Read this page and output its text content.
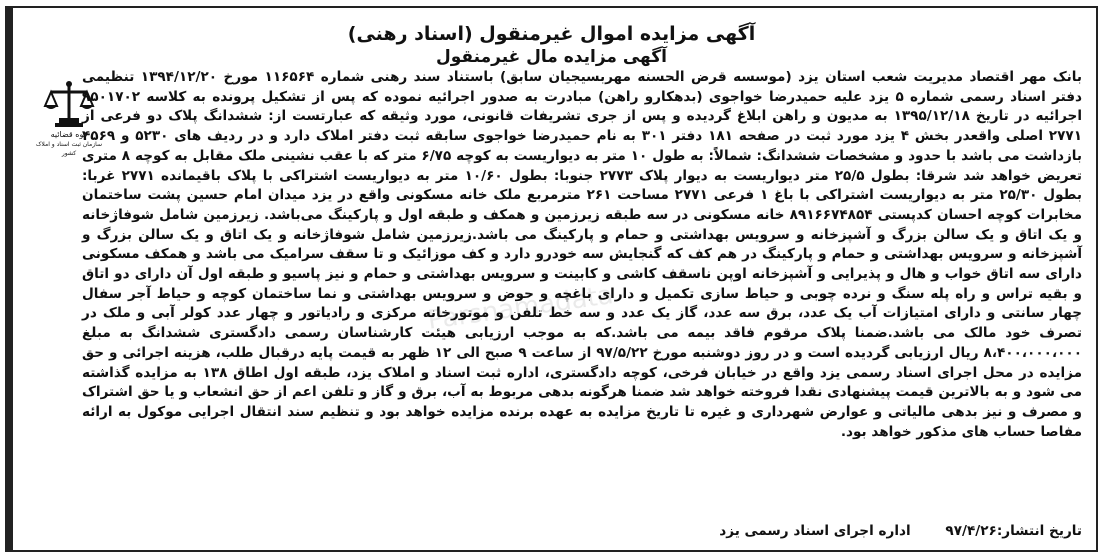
آگهی مزایده اموال غیرمنقول (اسناد رهنی)
آگهی مزایده مال غیرمنقول
قوه قضائیه
سازمان ثبت اسناد و املاک کشور

بانک مهر اقتصاد مدیریت شعب استان یزد (موسسه قرض الحسنه مهربسیجیان سابق) باستناد سند رهنی شماره ۱۱۶۵۶۴ مورخ ۱۳۹۴/۱۲/۲۰ تنظیمی دفتر اسناد رسمی شماره ۵ یزد علیه حمیدرضا خواجوی (بدهکارو راهن) مبادرت به صدور اجرائیه نموده که پس از تشکیل پرونده به کلاسه ۹۵۰۱۷۰۲ اجرائیه در تاریخ ۱۳۹۵/۱۲/۱۸ به مدیون و راهن ابلاغ گردیده و پس از جری تشریفات قانونی، مورد وثیقه که عبارتست از: ششدانگ پلاک دو فرعی از ۲۷۷۱ اصلی واقعدر بخش ۴ یزد مورد ثبت در صفحه ۱۸۱ دفتر ۳۰۱ به نام حمیدرضا خواجوی سابقه ثبت دفتر املاک دارد و در ردیف های ۵۲۳۰ و ۴۵۶۹ بازداشت می باشد با حدود و مشخصات ششدانگ: شمالاً: به طول ۱۰ متر به دیواریست به کوچه ۶/۷۵ متر که با عقب نشینی ملک مقابل به کوچه ۸ متری تعریض خواهد شد شرقا: بطول ۲۵/۵ متر دیواریست به دیوار پلاک ۲۷۷۳ جنوبا: بطول ۱۰/۶۰ متر به دیواریست اشتراکی با پلاک باقیمانده ۲۷۷۱ غربا: بطول ۲۵/۳۰ متر به دیواریست اشتراکی با باغ ۱ فرعی ۲۷۷۱ مساحت ۲۶۱ مترمربع ملک خانه مسکونی واقع در یزد میدان امام حسین پشت ساختمان مخابرات کوچه احسان کدپستی ۸۹۱۶۶۷۴۸۵۴ خانه مسکونی در سه طبقه زیرزمین و همکف و طبقه اول و پارکینگ می‌باشد. زیرزمین شامل شوفاژخانه و یک اتاق و یک سالن بزرگ و آشپزخانه و سرویس بهداشتی و حمام و پارکینگ می باشد.زیرزمین شامل شوفاژخانه و یک اتاق و یک سالن بزرگ و آشپزخانه و سرویس بهداشتی و حمام و پارکینگ در هم کف که گنجایش سه خودرو دارد و کف موزائیک و تا سقف سرامیک می باشد و همکف مسکونی دارای سه اتاق خواب و هال و پذیرایی و آشپزخانه اوپن ناسقف کاشی و کابینت و سرویس بهداشتی و حمام و نیز پاسیو و طبقه اول آن دارای دو اتاق و بقیه تراس و راه پله سنگ و نرده چوبی و حیاط سازی تکمیل و دارای باغچه و حوض و سرویس بهداشتی و نما ساختمان کوچه و حیاط آجر سفال چهار سانتی و دارای امتیازات آب یک عدد، برق سه عدد، گاز یک عدد و سه خط تلفن و موتورخانه مرکزی و رادیاتور و چهار عدد کولر آبی و ملک در تصرف خود مالک می باشد.ضمنا پلاک مرقوم فاقد بیمه می باشد.که به موجب ارزیابی هیئت کارشناسان رسمی دادگستری ششدانگ به مبلغ ۸،۴۰۰،۰۰۰،۰۰۰ ریال ارزیابی گردیده است و در روز دوشنبه مورخ ۹۷/۵/۲۲ از ساعت ۹ صبح الی ۱۲ ظهر به قیمت پایه درقبال طلب، هزینه اجرائی و حق مزایده در محل اجرای اسناد رسمی یزد واقع در خیابان فرخی، کوچه دادگستری، اداره ثبت اسناد و املاک یزد، طبقه اول اطاق ۱۳۸ به مزایده گذاشته می شود و به بالاترین قیمت پیشنهادی نقدا فروخته خواهد شد ضمنا هرگونه بدهی مربوط به آب، برق و گاز و تلفن اعم از حق انشعاب و یا حق اشتراک و مصرف و نیز بدهی مالیاتی و عوارض شهرداری و غیره تا تاریخ مزایده به عهده برنده مزایده خواهد بود و تنظیم سند انتقال اجرایی موکول به ارائه مفاصا حساب های مذکور خواهد بود.

Parsnamadata
تاریخ انتشار:۹۷/۴/۲۶ اداره اجرای اسناد رسمی یزد
